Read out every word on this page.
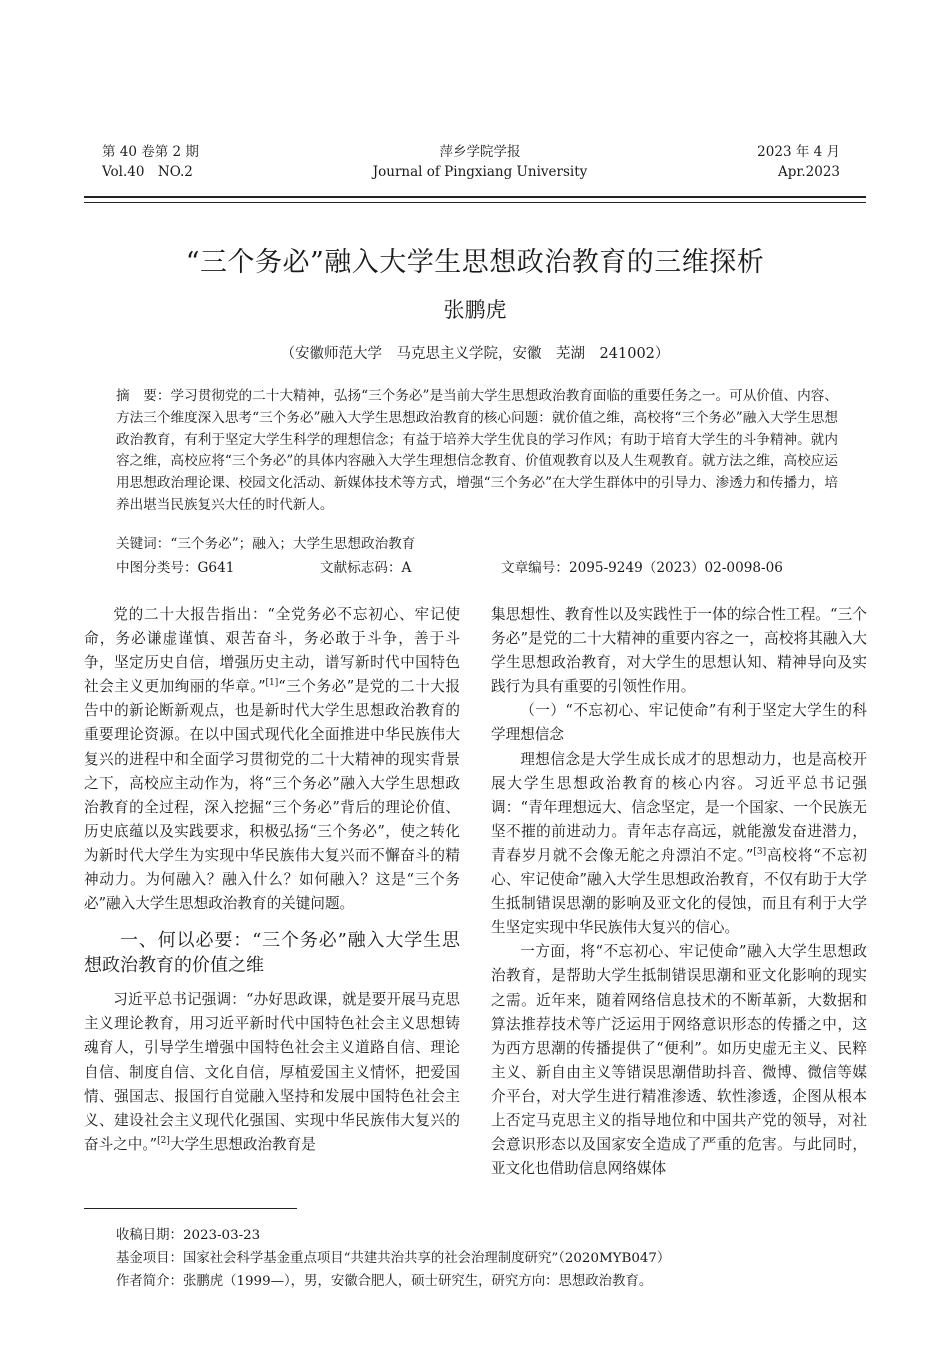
第 40 卷第 2 期
Vol.40　NO.2
萍乡学院学报
Journal of Pingxiang University
2023 年 4 月
Apr.2023
“三个务必”融入大学生思想政治教育的三维探析
张鹏虎
（安徽师范大学　马克思主义学院，安徽　芜湖　241002）
摘　要：学习贯彻党的二十大精神，弘扬“三个务必”是当前大学生思想政治教育面临的重要任务之一。可从价值、内容、方法三个维度深入思考“三个务必”融入大学生思想政治教育的核心问题：就价值之维，高校将“三个务必”融入大学生思想政治教育，有利于坚定大学生科学的理想信念；有益于培养大学生优良的学习作风；有助于培育大学生的斗争精神。就内容之维，高校应将“三个务必”的具体内容融入大学生理想信念教育、价值观教育以及人生观教育。就方法之维，高校应运用思想政治理论课、校园文化活动、新媒体技术等方式，增强“三个务必”在大学生群体中的引导力、渗透力和传播力，培养出堪当民族复兴大任的时代新人。
关键词：“三个务必”；融入；大学生思想政治教育
中图分类号：G641	文献标志码：A	文章编号：2095-9249（2023）02-0098-06

党的二十大报告指出：“全党务必不忘初心、牢记使命，务必谦虚谨慎、艰苦奋斗，务必敢于斗争，善于斗争，坚定历史自信，增强历史主动，谱写新时代中国特色社会主义更加绚丽的华章。”[1]“三个务必”是党的二十大报告中的新论断新观点，也是新时代大学生思想政治教育的重要理论资源。在以中国式现代化全面推进中华民族伟大复兴的进程中和全面学习贯彻党的二十大精神的现实背景之下，高校应主动作为，将“三个务必”融入大学生思想政治教育的全过程，深入挖掘“三个务必”背后的理论价值、历史底蕴以及实践要求，积极弘扬“三个务必”，使之转化为新时代大学生为实现中华民族伟大复兴而不懈奋斗的精神动力。为何融入？融入什么？如何融入？这是“三个务必”融入大学生思想政治教育的关键问题。

一、何以必要：“三个务必”融入大学生思想政治教育的价值之维

习近平总书记强调：“办好思政课，就是要开展马克思主义理论教育，用习近平新时代中国特色社会主义思想铸魂育人，引导学生增强中国特色社会主义道路自信、理论自信、制度自信、文化自信，厚植爱国主义情怀，把爱国情、强国志、报国行自觉融入坚持和发展中国特色社会主义、建设社会主义现代化强国、实现中华民族伟大复兴的奋斗之中。”[2]大学生思想政治教育是

集思想性、教育性以及实践性于一体的综合性工程。“三个务必”是党的二十大精神的重要内容之一，高校将其融入大学生思想政治教育，对大学生的思想认知、精神导向及实践行为具有重要的引领性作用。

（一）“不忘初心、牢记使命”有利于坚定大学生的科学理想信念

理想信念是大学生成长成才的思想动力，也是高校开展大学生思想政治教育的核心内容。习近平总书记强调：“青年理想远大、信念坚定，是一个国家、一个民族无坚不摧的前进动力。青年志存高远，就能激发奋进潜力，青春岁月就不会像无舵之舟漂泊不定。”[3]高校将“不忘初心、牢记使命”融入大学生思想政治教育，不仅有助于大学生抵制错误思潮的影响及亚文化的侵蚀，而且有利于大学生坚定实现中华民族伟大复兴的信心。

一方面，将“不忘初心、牢记使命”融入大学生思想政治教育，是帮助大学生抵制错误思潮和亚文化影响的现实之需。近年来，随着网络信息技术的不断革新，大数据和算法推荐技术等广泛运用于网络意识形态的传播之中，这为西方思潮的传播提供了“便利”。如历史虚无主义、民粹主义、新自由主义等错误思潮借助抖音、微博、微信等媒介平台，对大学生进行精准渗透、软性渗透，企图从根本上否定马克思主义的指导地位和中国共产党的领导，对社会意识形态以及国家安全造成了严重的危害。与此同时，亚文化也借助信息网络媒体

收稿日期：2023-03-23
基金项目：国家社会科学基金重点项目“共建共治共享的社会治理制度研究”（2020MYB047）
作者简介：张鹏虎（1999—），男，安徽合肥人，硕士研究生，研究方向：思想政治教育。
